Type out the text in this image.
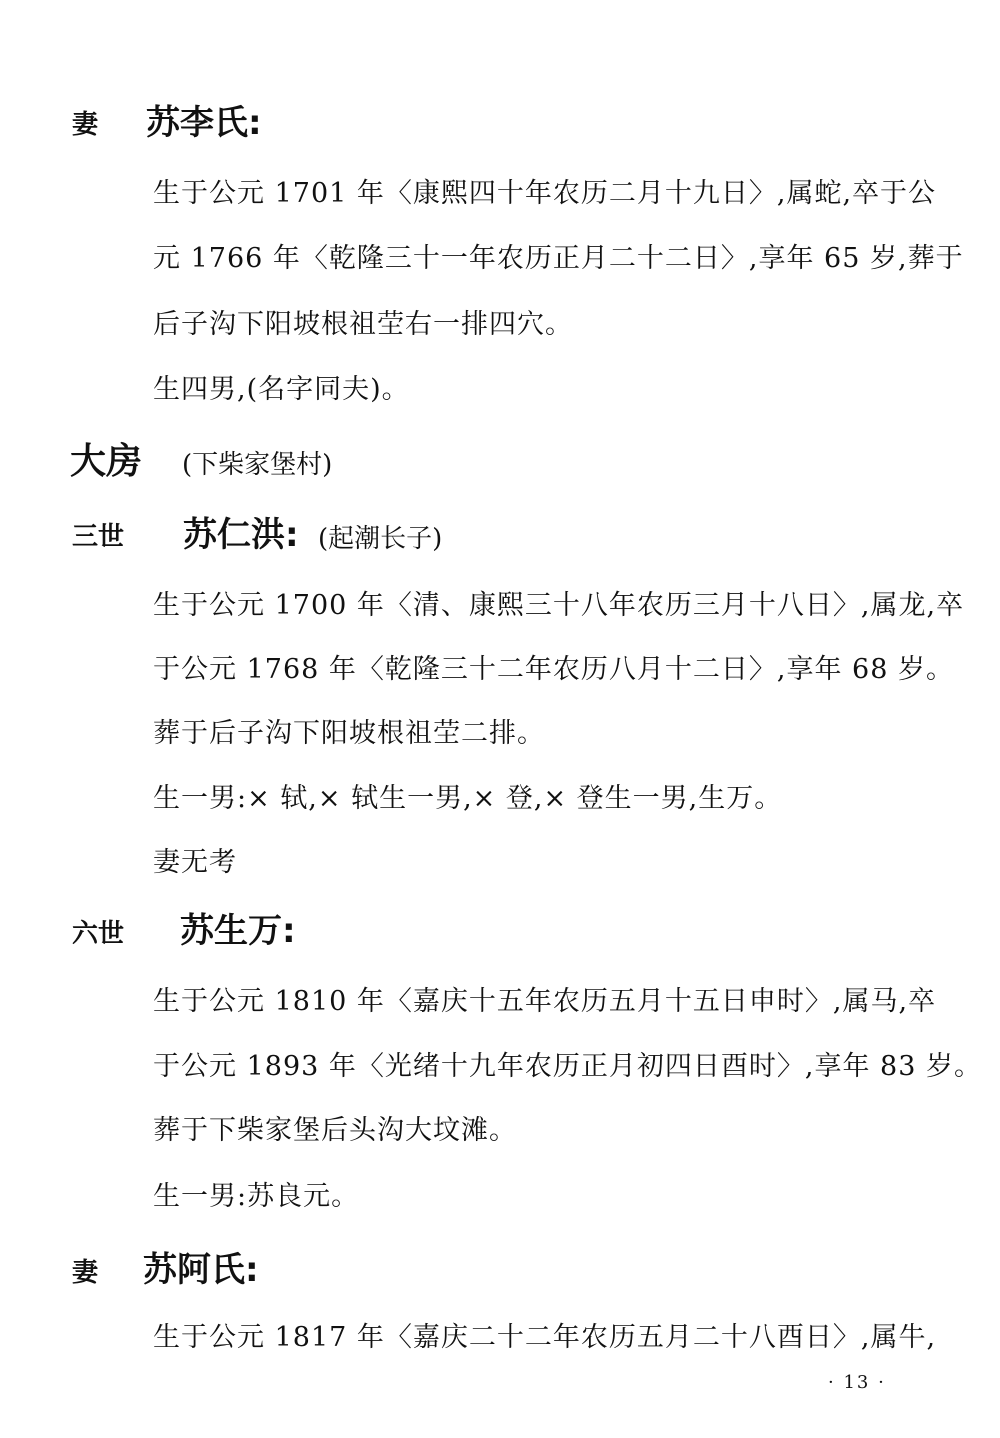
妻 苏李氏:
生于公元 1701 年〈康熙四十年农历二月十九日〉,属蛇,卒于公
元 1766 年〈乾隆三十一年农历正月二十二日〉,享年 65 岁,葬于
后子沟下阳坡根祖茔右一排四穴。
生四男,(名字同夫)。
大房 (下柴家堡村)
三世 苏仁洪: (起潮长子)
生于公元 1700 年〈清、康熙三十八年农历三月十八日〉,属龙,卒
于公元 1768 年〈乾隆三十二年农历八月十二日〉,享年 68 岁。
葬于后子沟下阳坡根祖茔二排。
生一男:× 轼,× 轼生一男,× 登,× 登生一男,生万。
妻无考
六世 苏生万:
生于公元 1810 年〈嘉庆十五年农历五月十五日申时〉,属马,卒
于公元 1893 年〈光绪十九年农历正月初四日酉时〉,享年 83 岁。
葬于下柴家堡后头沟大坟滩。
生一男:苏良元。
妻 苏阿氏:
生于公元 1817 年〈嘉庆二十二年农历五月二十八酉日〉,属牛,
· 13 ·
